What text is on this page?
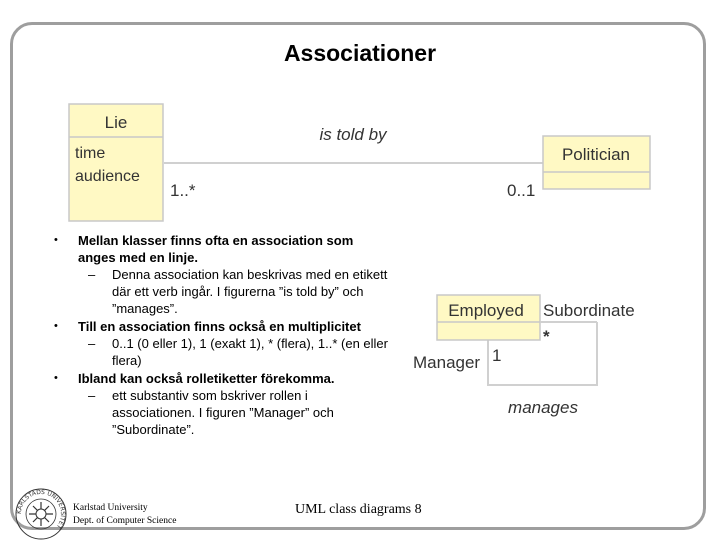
Associationer
Lie
time
audience
is told by
1..*	0..1
Politician
Employed Subordinate
*
Manager 1
manages
• Mellan klasser finns ofta en association som anges med en linje.
– Denna association kan beskrivas med en etikett där ett verb ingår. I figurerna ”is told by” och ”manages”.
• Till en association finns också en multiplicitet
– 0..1 (0 eller 1), 1 (exakt 1), * (flera), 1..* (en eller flera)
• Ibland kan också rolletiketter förekomma.
– ett substantiv som bskriver rollen i associationen. I figuren ”Manager” och ”Subordinate”.
KARLSTADS UNIVERSITET
Karlstad University
Dept. of Computer Science
UML class diagrams 8
